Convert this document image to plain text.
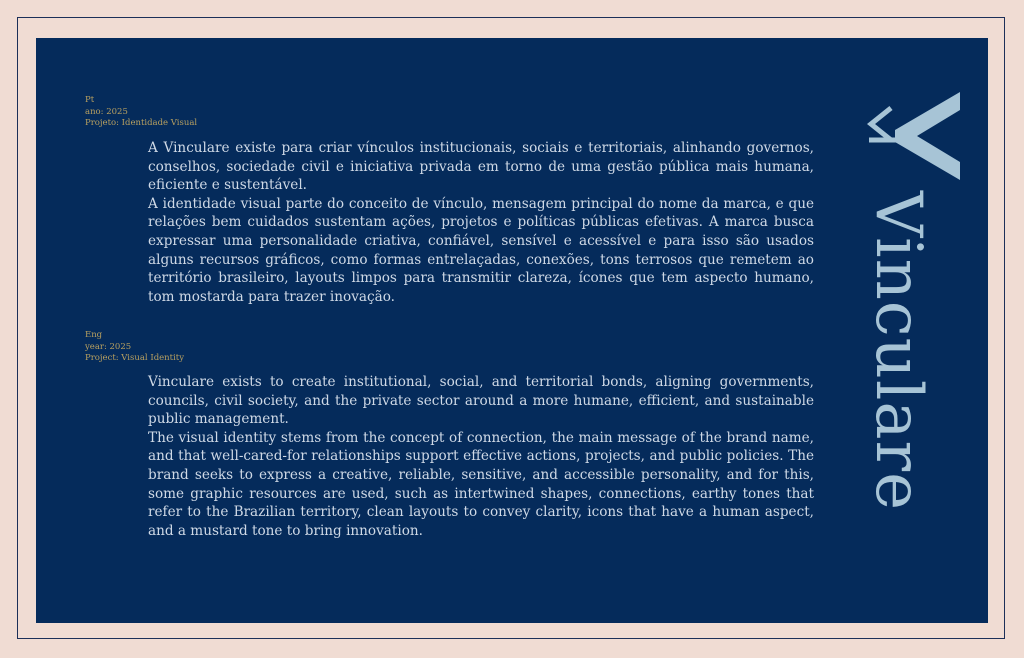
Pt
ano: 2025
Projeto: Identidade Visual

A Vinculare existe para criar vínculos institucionais, sociais e territoriais, alinhando governos, conselhos, sociedade civil e iniciativa privada em torno de uma gestão pública mais humana, eficiente e sustentável.

A identidade visual parte do conceito de vínculo, mensagem principal do nome da marca, e que relações bem cuidados sustentam ações, projetos e políticas públicas efetivas. A marca busca expressar uma personalidade criativa, confiável, sensível e acessível e para isso são usados alguns recursos gráficos, como formas entrelaçadas, conexões, tons terrosos que remetem ao território brasileiro, layouts limpos para transmitir clareza, ícones que tem aspecto humano, tom mostarda para trazer inovação.

Eng
year: 2025
Project: Visual Identity

Vinculare exists to create institutional, social, and territorial bonds, aligning governments, councils, civil society, and the private sector around a more humane, efficient, and sustainable public management.

The visual identity stems from the concept of connection, the main message of the brand name, and that well-cared-for relationships support effective actions, projects, and public policies. The brand seeks to express a creative, reliable, sensitive, and accessible personality, and for this, some graphic resources are used, such as intertwined shapes, connections, earthy tones that refer to the Brazilian territory, clean layouts to convey clarity, icons that have a human aspect, and a mustard tone to bring innovation.

Vinculare
